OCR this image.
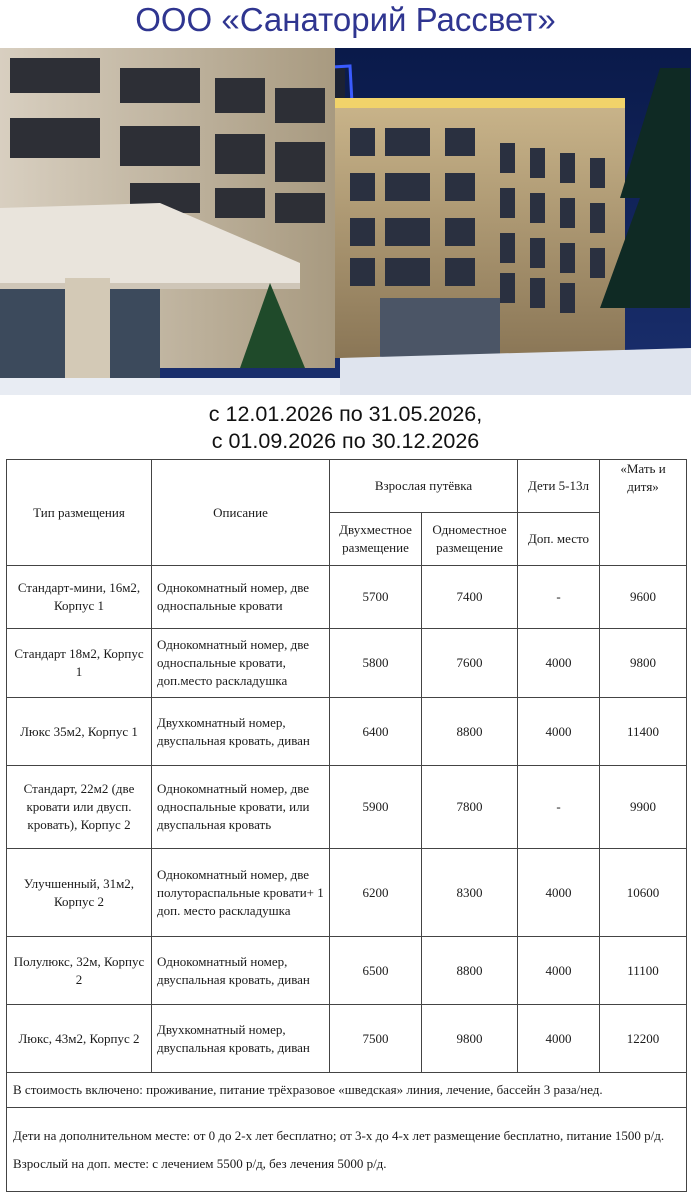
ООО «Санаторий Рассвет»
с 12.01.2026 по 31.05.2026,
с 01.09.2026 по 30.12.2026
Тип размещения	Описание	Взрослая путёвка		Дети 5-13л	«Мать и дитя»
		Двухместное размещение	Одноместное размещение	Доп. место	
Стандарт-мини, 16м2, Корпус 1	Однокомнатный номер, две односпальные кровати	5700	7400	-	9600
Стандарт 18м2, Корпус 1	Однокомнатный номер, две односпальные кровати, доп.место раскладушка	5800	7600	4000	9800
Люкс 35м2, Корпус 1	Двухкомнатный номер, двуспальная кровать, диван	6400	8800	4000	11400
Стандарт, 22м2 (две кровати или двусп. кровать), Корпус 2	Однокомнатный номер, две односпальные кровати, или двуспальная кровать	5900	7800	-	9900
Улучшенный, 31м2, Корпус 2	Однокомнатный номер, две полутораспальные кровати+ 1 доп. место раскладушка	6200	8300	4000	10600
Полулюкс, 32м, Корпус 2	Однокомнатный номер, двуспальная кровать, диван	6500	8800	4000	11100
Люкс, 43м2, Корпус 2	Двухкомнатный номер, двуспальная кровать, диван	7500	9800	4000	12200
В стоимость включено: проживание, питание трёхразовое «шведская» линия, лечение, бассейн 3 раза/нед.					

Дети на дополнительном месте: от 0 до 2-х лет бесплатно; от 3-х до 4-х лет размещение бесплатно, питание 1500 р/д.

Взрослый на доп. месте: с лечением 5500 р/д, без лечения 5000 р/д.					
